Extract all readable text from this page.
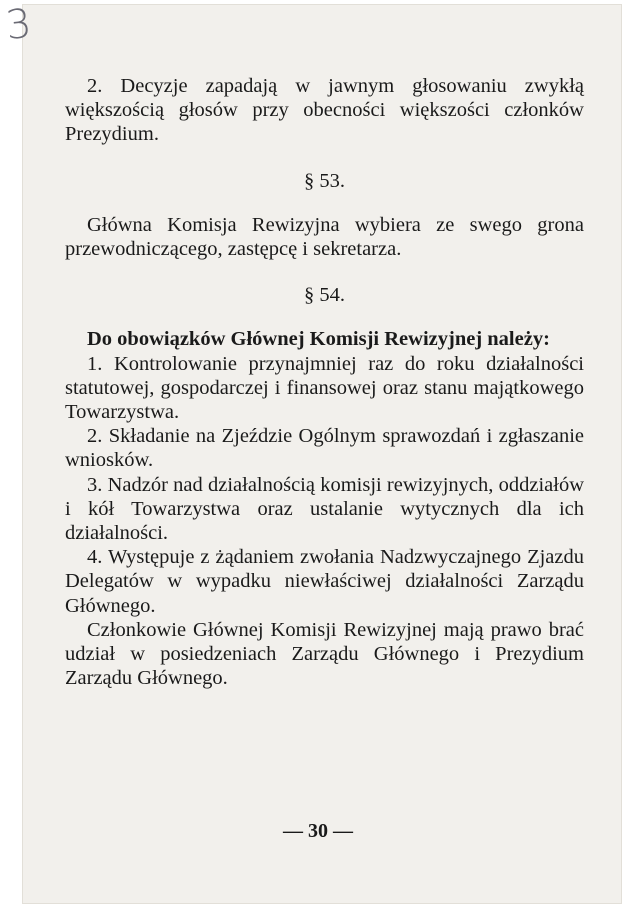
3

2. Decyzje zapadają w jawnym głosowaniu zwykłą większością głosów przy obecności większości członków Prezydium.

§ 53.

Główna Komisja Rewizyjna wybiera ze swego grona przewodniczącego, zastępcę i sekretarza.

§ 54.

Do obowiązków Głównej Komisji Rewizyjnej należy:

1. Kontrolowanie przynajmniej raz do roku działalności statutowej, gospodarczej i finansowej oraz stanu majątkowego Towarzystwa.

2. Składanie na Zjeździe Ogólnym sprawozdań i zgłaszanie wniosków.

3. Nadzór nad działalnością komisji rewizyjnych, oddziałów i kół Towarzystwa oraz ustalanie wytycznych dla ich działalności.

4. Występuje z żądaniem zwołania Nadzwyczajnego Zjazdu Delegatów w wypadku niewłaściwej działalności Zarządu Głównego.

Członkowie Głównej Komisji Rewizyjnej mają prawo brać udział w posiedzeniach Zarządu Głównego i Prezydium Zarządu Głównego.

— 30 —
